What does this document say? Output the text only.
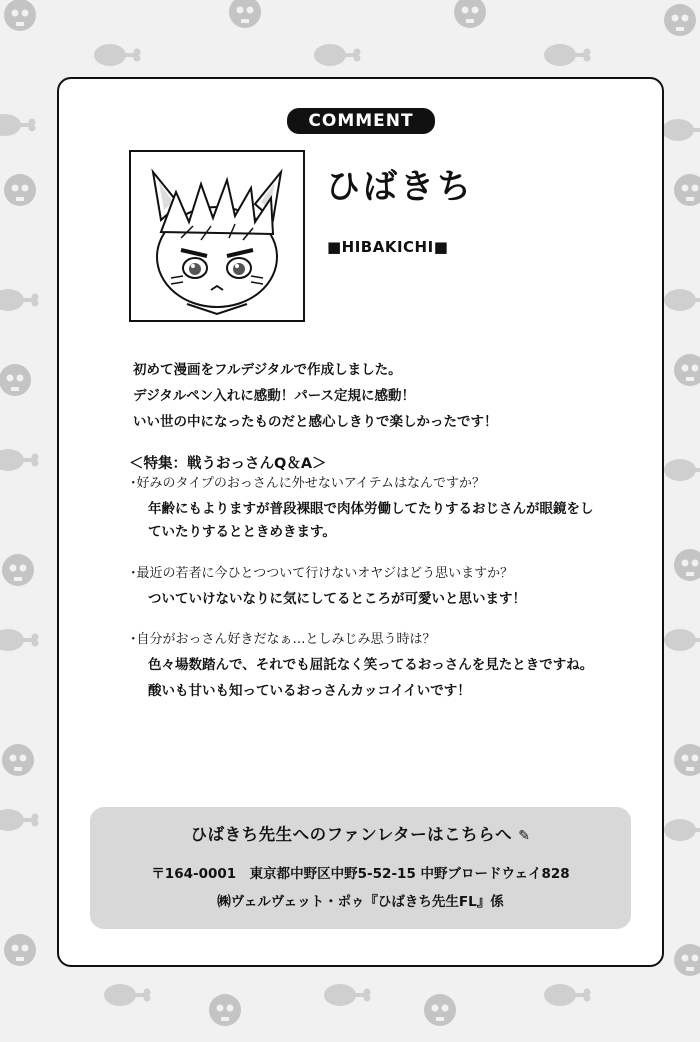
COMMENT
ひばきち
■HIBAKICHI■

初めて漫画をフルデジタルで作成しました。

デジタルペン入れに感動！パース定規に感動！

いい世の中になったものだと感心しきりで楽しかったです！

＜特集：戦うおっさんQ＆A＞

･好みのタイプのおっさんに外せないアイテムはなんですか？

年齢にもよりますが普段裸眼で肉体労働してたりするおじさんが眼鏡をしていたりするとときめきます。

･最近の若者に今ひとつついて行けないオヤジはどう思いますか？

ついていけないなりに気にしてるところが可愛いと思います！

･自分がおっさん好きだなぁ…としみじみ思う時は？

色々場数踏んで、それでも屈託なく笑ってるおっさんを見たときですね。

酸いも甘いも知っているおっさんカッコイイいです！

ひばきち先生へのファンレターはこちらへ ✎
〒164-0001　東京都中野区中野5-52-15 中野ブロードウェイ828
㈱ヴェルヴェット・ポゥ『ひばきち先生FL』係
